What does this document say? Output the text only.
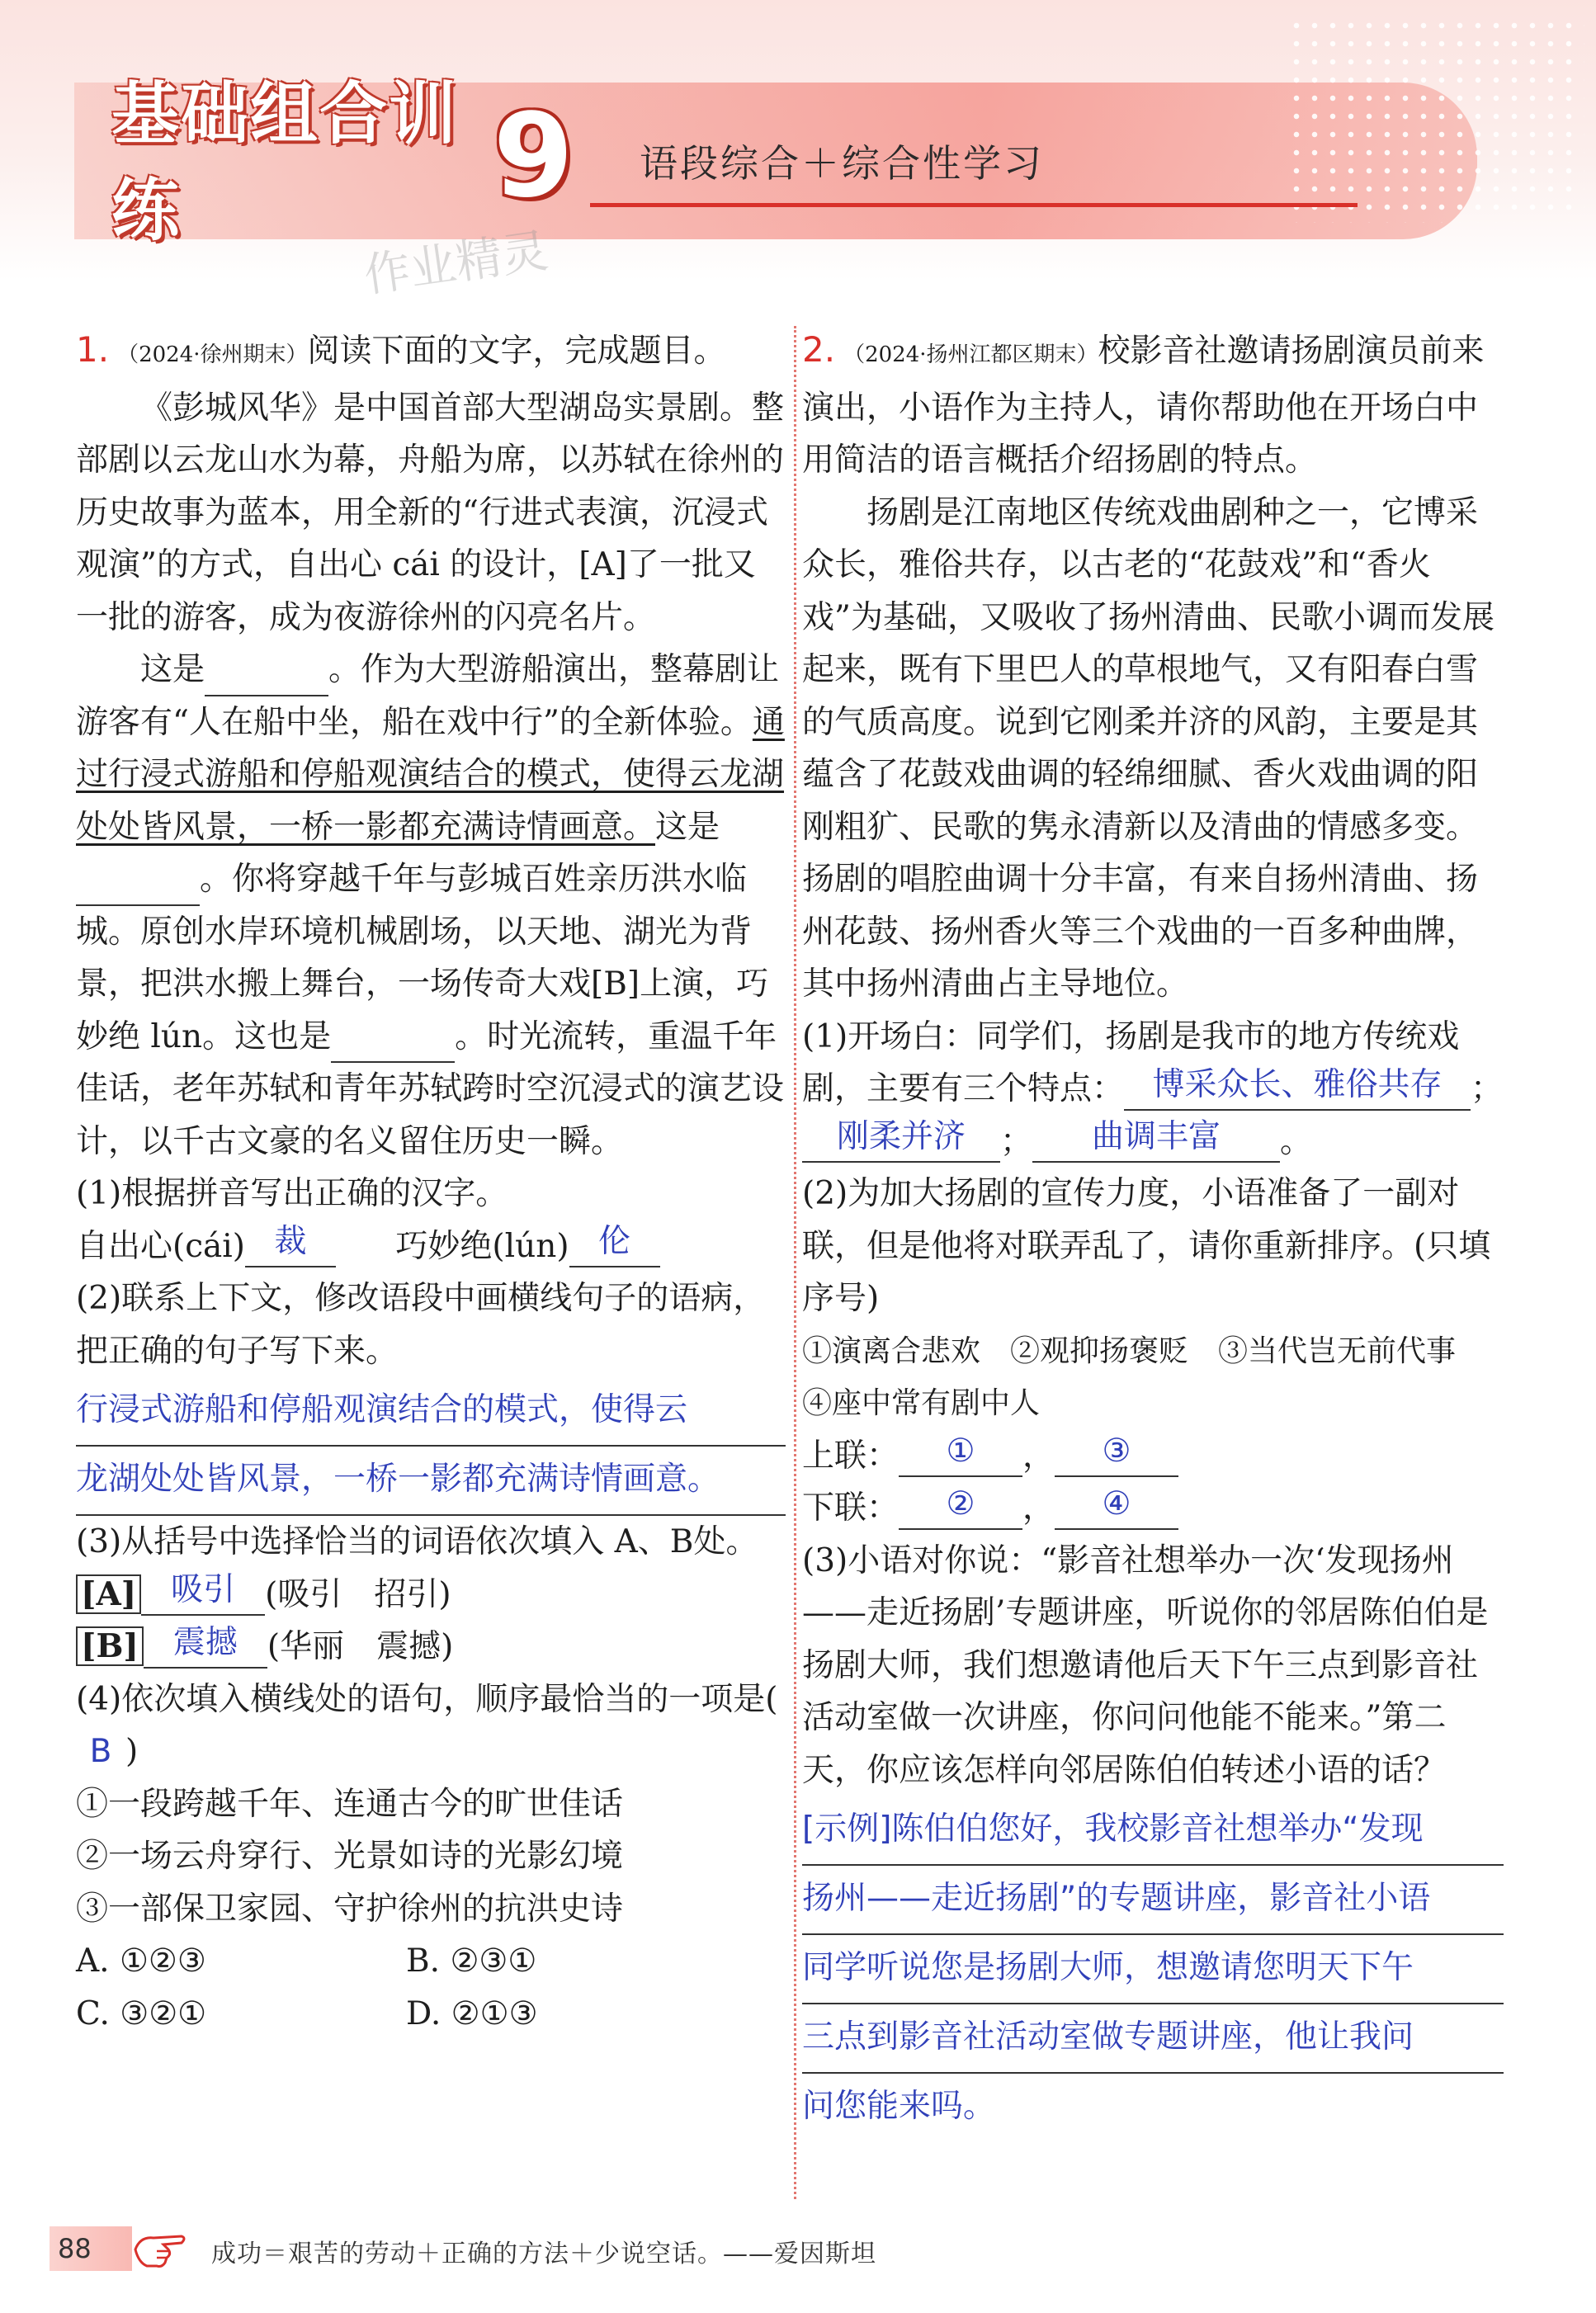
基础组合训练	9 语段综合＋综合性学习
作业精灵
1. （2024·徐州期末） 阅读下面的文字，完成题目。

《彭城风华》是中国首部大型湖岛实景剧。整部剧以云龙山水为幕，舟船为席，以苏轼在徐州的历史故事为蓝本，用全新的“行进式表演，沉浸式观演”的方式，自出心 cái 的设计，[A]了一批又一批的游客，成为夜游徐州的闪亮名片。

这是	。作为大型游船演出，整幕剧让游客有“人在船中坐，船在戏中行”的全新体验。通过行浸式游船和停船观演结合的模式，使得云龙湖处处皆风景，一桥一影都充满诗情画意。这是。你将穿越千年与彭城百姓亲历洪水临城。原创水岸环境机械剧场，以天地、湖光为背景，把洪水搬上舞台，一场传奇大戏[B]上演，巧妙绝 lún。这也是	。时光流转，重温千年佳话，老年苏轼和青年苏轼跨时空沉浸式的演艺设计，以千古文豪的名义留住历史一瞬。

(1)根据拼音写出正确的汉字。

自出心(cái) 裁	巧妙绝(lún) 伦

(2)联系上下文，修改语段中画横线句子的语病，把正确的句子写下来。

行浸式游船和停船观演结合的模式，使得云
龙湖处处皆风景，一桥一影都充满诗情画意。

(3)从括号中选择恰当的词语依次填入 A、B处。

[A] 吸引 (吸引　招引)

[B] 震撼 (华丽　震撼)

(4)依次填入横线处的语句，顺序最恰当的一项是(B )

①一段跨越千年、连通古今的旷世佳话

②一场云舟穿行、光景如诗的光影幻境

③一部保卫家园、守护徐州的抗洪史诗

A. ①②③	B. ②③①
C. ③②①	D. ②①③

2. （2024·扬州江都区期末）校影音社邀请扬剧演员前来演出，小语作为主持人，请你帮助他在开场白中用简洁的语言概括介绍扬剧的特点。

扬剧是江南地区传统戏曲剧种之一，它博采众长，雅俗共存，以古老的“花鼓戏”和“香火戏”为基础，又吸收了扬州清曲、民歌小调而发展起来，既有下里巴人的草根地气，又有阳春白雪的气质高度。说到它刚柔并济的风韵，主要是其蕴含了花鼓戏曲调的轻绵细腻、香火戏曲调的阳刚粗犷、民歌的隽永清新以及清曲的情感多变。扬剧的唱腔曲调十分丰富，有来自扬州清曲、扬州花鼓、扬州香火等三个戏曲的一百多种曲牌，其中扬州清曲占主导地位。

(1)开场白：同学们，扬剧是我市的地方传统戏剧，主要有三个特点： 博采众长、雅俗共存 ；
刚柔并济 ； 曲调丰富 。

(2)为加大扬剧的宣传力度，小语准备了一副对联，但是他将对联弄乱了，请你重新排序。(只填序号)

①演离合悲欢　②观抑扬褒贬　③当代岂无前代事　④座中常有剧中人

上联： ① ， ③

下联： ② ， ④

(3)小语对你说：“影音社想举办一次‘发现扬州——走近扬剧’专题讲座，听说你的邻居陈伯伯是扬剧大师，我们想邀请他后天下午三点到影音社活动室做一次讲座，你问问他能不能来。”第二天，你应该怎样向邻居陈伯伯转述小语的话？

[示例]陈伯伯您好，我校影音社想举办“发现
扬州——走近扬剧”的专题讲座，影音社小语
同学听说您是扬剧大师，想邀请您明天下午
三点到影音社活动室做专题讲座，他让我问
问您能来吗。
88	成功＝艰苦的劳动＋正确的方法＋少说空话。——爱因斯坦
